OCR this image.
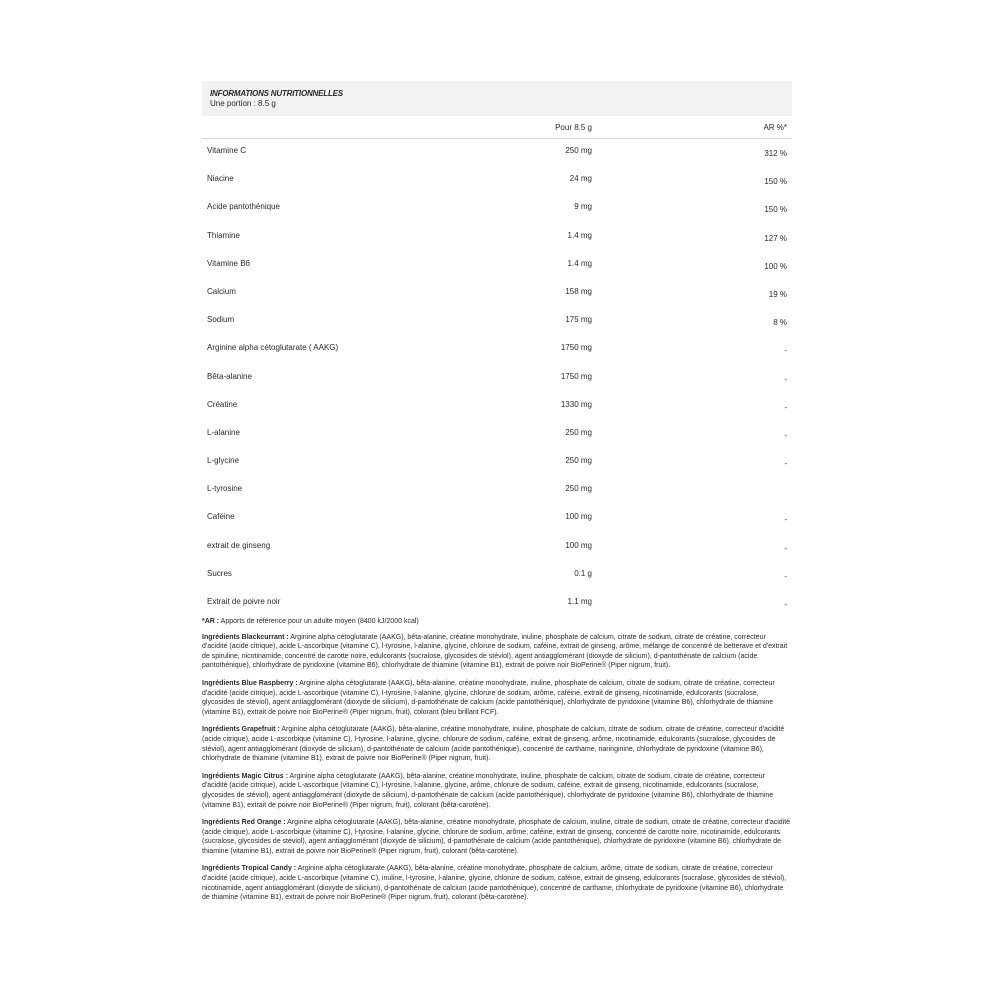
INFORMATIONS NUTRITIONNELLES
Une portion : 8.5 g
Pour 8.5 g	AR %*
Vitamine C	250 mg	312 %
Niacine	24 mg	150 %
Acide pantothénique	9 mg	150 %
Thiamine	1.4 mg	127 %
Vitamine B6	1.4 mg	100 %
Calcium	158 mg	19 %
Sodium	175 mg	8 %
Arginine alpha cétoglutarate ( AAKG)	1750 mg	-
Bêta-alanine	1750 mg	-
Créatine	1330 mg	-
L-alanine	250 mg	-
L-glycine	250 mg	-
L-tyrosine	250 mg
Caféine	100 mg	-
extrait de ginseng	100 mg	-
Sucres	0.1 g	-
Extrait de poivre noir	1.1 mg	-

*AR : Apports de référence pour un adulte moyen (8400 kJ/2000 kcal)

Ingrédients Blackcurrant : Arginine alpha cétoglutarate (AAKG), bêta-alanine, créatine monohydrate, inuline, phosphate de calcium, citrate de sodium, citrate de créatine, correcteur d'acidité (acide citrique), acide L-ascorbique (vitamine C), l-tyrosine, l-alanine, glycine, chlorure de sodium, caféine, extrait de ginseng, arôme, mélange de concentré de betterave et d'extrait de spiruline, nicotinamide, concentré de carotte noire, edulcorants (sucralose, glycosides de stéviol), agent antiagglomérant (dioxyde de silicium), d-pantothénate de calcium (acide pantothénique), chlorhydrate de pyridoxine (vitamine B6), chlorhydrate de thiamine (vitamine B1), extrait de poivre noir BioPerine® (Piper nigrum, fruit).

Ingrédients Blue Raspberry : Arginine alpha cétoglutarate (AAKG), bêta-alanine, créatine monohydrate, inuline, phosphate de calcium, citrate de sodium, citrate de créatine, correcteur d'acidité (acide citrique), acide L-ascorbique (vitamine C), l-tyrosine, l-alanine, glycine, chlorure de sodium, arôme, caféine, extrait de ginseng, nicotinamide, edulcorants (sucralose, glycosides de stéviol), agent antiagglomérant (dioxyde de silicium), d-pantothénate de calcium (acide pantothénique), chlorhydrate de pyridoxine (vitamine B6), chlorhydrate de thiamine (vitamine B1), extrait de poivre noir BioPerine® (Piper nigrum, fruit), colorant (bleu brillant FCF).

Ingrédients Grapefruit : Arginine alpha cétoglutarate (AAKG), bêta-alanine, créatine monohydrate, inuline, phosphate de calcium, citrate de sodium, citrate de créatine, correcteur d'acidité (acide citrique), acide L-ascorbique (vitamine C), l-tyrosine, l-alanine, glycine, chlorure de sodium, caféine, extrait de ginseng, arôme, nicotinamide, edulcorants (sucralose, glycosides de stéviol), agent antiagglomérant (dioxyde de silicium), d-pantothénate de calcium (acide pantothénique), concentré de carthame, naringinine, chlorhydrate de pyridoxine (vitamine B6), chlorhydrate de thiamine (vitamine B1), extrait de poivre noir BioPerine® (Piper nigrum, fruit).

Ingrédients Magic Citrus : Arginine alpha cétoglutarate (AAKG), bêta-alanine, créatine monohydrate, inuline, phosphate de calcium, citrate de sodium, citrate de créatine, correcteur d'acidité (acide citrique), acide L-ascorbique (vitamine C), l-tyrosine, l-alanine, glycine, arôme, chlorure de sodium, caféine, extrait de ginseng, nicotinamide, edulcorants (sucralose, glycosides de stéviol), agent antiagglomérant (dioxyde de silicium), d-pantothénate de calcium (acide pantothénique), chlorhydrate de pyridoxine (vitamine B6), chlorhydrate de thiamine (vitamine B1), extrait de poivre noir BioPerine® (Piper nigrum, fruit), colorant (bêta-carotène).

Ingrédients Red Orange : Arginine alpha cétoglutarate (AAKG), bêta-alanine, créatine monohydrate, phosphate de calcium, inuline, citrate de sodium, citrate de créatine, correcteur d'acidité (acide citrique), acide L-ascorbique (vitamine C), l-tyrosine, l-alanine, glycine, chlorure de sodium, arôme, caféine, extrait de ginseng, concentré de carotte noire, nicotinamide, edulcorants (sucralose, glycosides de stéviol), agent antiagglomérant (dioxyde de silicium), d-pantothénate de calcium (acide pantothénique), chlorhydrate de pyridoxine (vitamine B6), chlorhydrate de thiamine (vitamine B1), extrait de poivre noir BioPerine® (Piper nigrum, fruit), colorant (bêta-carotène).

Ingrédients Tropical Candy : Arginine alpha cétoglutarate (AAKG), bêta-alanine, créatine monohydrate, phosphate de calcium, arôme, citrate de sodium, citrate de créatine, correcteur d'acidité (acide citrique), acide L-ascorbique (vitamine C), inuline, l-tyrosine, l-alanine, glycine, chlorure de sodium, caféine, extrait de ginseng, edulcorants (sucralose, glycosides de stéviol), nicotinamide, agent antiagglomérant (dioxyde de silicium), d-pantothénate de calcium (acide pantothénique), concentré de carthame, chlorhydrate de pyridoxine (vitamine B6), chlorhydrate de thiamine (vitamine B1), extrait de poivre noir BioPerine® (Piper nigrum, fruit), colorant (bêta-carotène).
